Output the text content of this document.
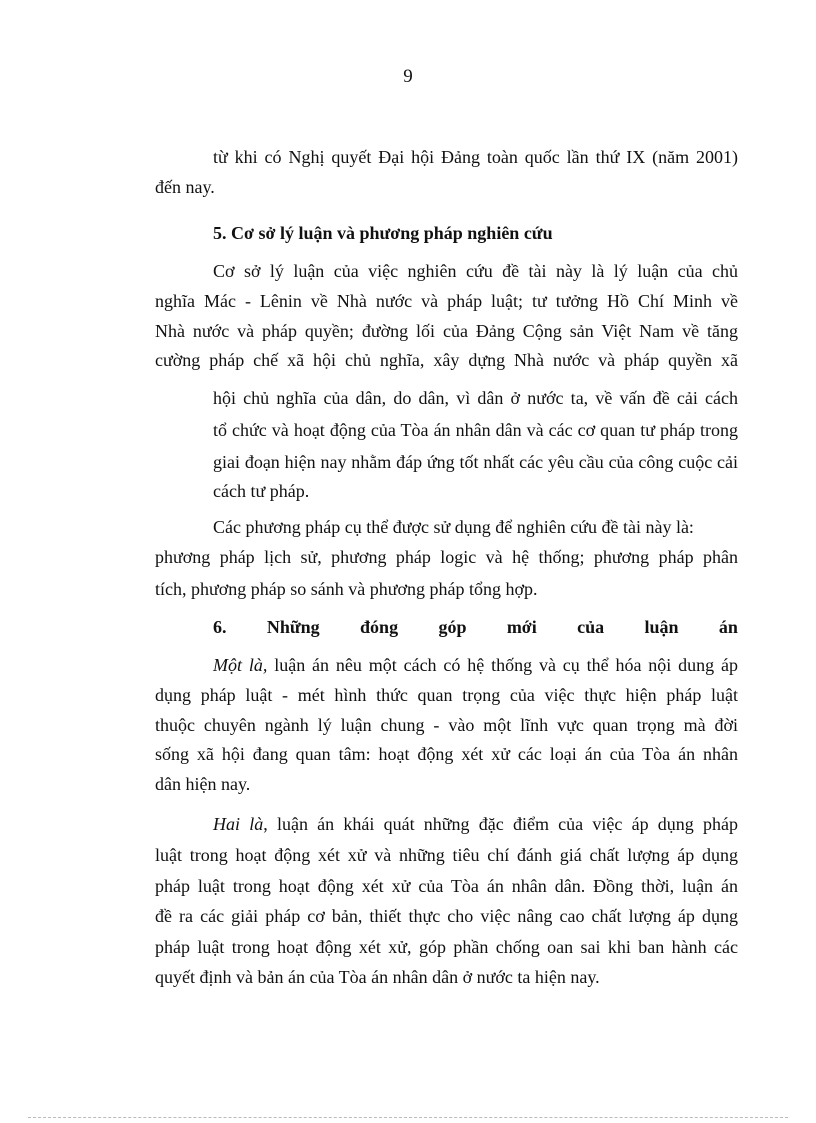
9
từ khi có Nghị quyết Đại hội Đảng toàn quốc lần thứ IX (năm 2001)
đến nay.
5. Cơ sở lý luận và phương pháp nghiên cứu
Cơ sở lý luận của việc nghiên cứu đề tài này là lý luận của chủ
nghĩa Mác - Lênin về Nhà nước và pháp luật; tư tưởng Hồ Chí Minh về
Nhà nước và pháp quyền; đường lối của Đảng Cộng sản Việt Nam về tăng
cường pháp chế xã hội chủ nghĩa, xây dựng Nhà nước và pháp quyền xã
hội chủ nghĩa của dân, do dân, vì dân ở nước ta, về vấn đề cải cách
tổ chức và hoạt động của Tòa án nhân dân và các cơ quan tư pháp trong
giai đoạn hiện nay nhằm đáp ứng tốt nhất các yêu cầu của công cuộc cải
cách tư pháp.
Các phương pháp cụ thể được sử dụng để nghiên cứu đề tài này là:
phương pháp lịch sử, phương pháp logic và hệ thống; phương pháp phân
tích, phương pháp so sánh và phương pháp tổng hợp.
6. Những đóng góp mới của luận án
Một là, luận án nêu một cách có hệ thống và cụ thể hóa nội dung áp
dụng pháp luật - mét hình thức quan trọng của việc thực hiện pháp luật
thuộc chuyên ngành lý luận chung - vào một lĩnh vực quan trọng mà đời
sống xã hội đang quan tâm: hoạt động xét xử các loại án của Tòa án nhân
dân hiện nay.
Hai là, luận án khái quát những đặc điểm của việc áp dụng pháp
luật trong hoạt động xét xử và những tiêu chí đánh giá chất lượng áp dụng
pháp luật trong hoạt động xét xử của Tòa án nhân dân. Đồng thời, luận án
đề ra các giải pháp cơ bản, thiết thực cho việc nâng cao chất lượng áp dụng
pháp luật trong hoạt động xét xử, góp phần chống oan sai khi ban hành các
quyết định và bản án của Tòa án nhân dân ở nước ta hiện nay.
